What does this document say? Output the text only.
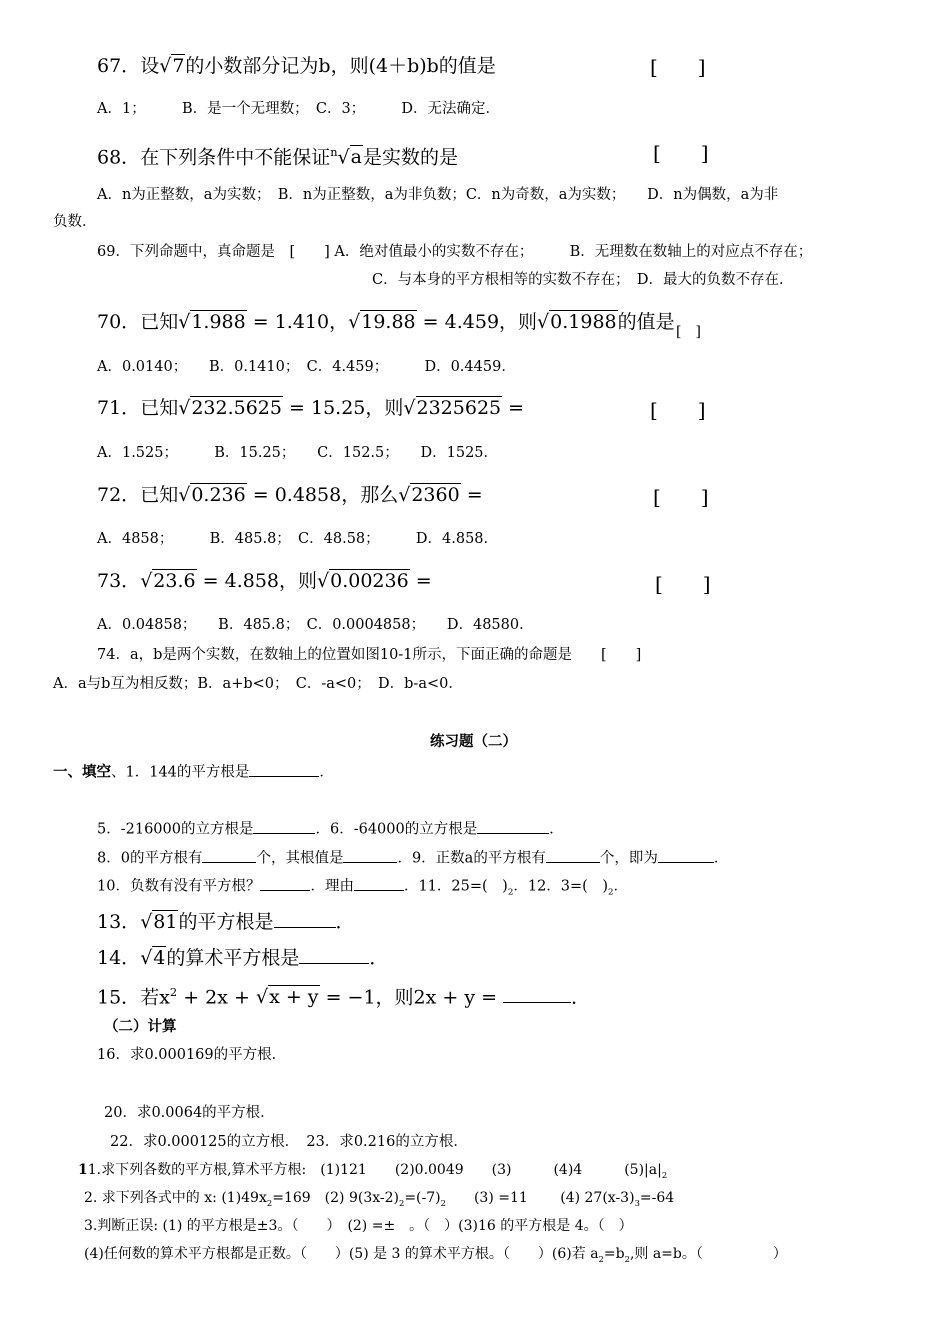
67．设√7的小数部分记为b，则(4＋b)b的值是	[　　]
A．1；　　　B．是一个无理数；　C．3；　　　D．无法确定．
68．在下列条件中不能保证$^n$√a是实数的是	[　　]
A．n为正整数，a为实数；　B．n为正整数，a为非负数；C．n为奇数，a为实数；　　D．n为偶数，a为非
负数．
69．下列命题中，真命题是　[　　] A．绝对值最小的实数不存在；　　　B．无理数在数轴上的对应点不存在；
C．与本身的平方根相等的实数不存在；　D．最大的负数不存在．
70．已知√1.988 = 1.410，√19.88 = 4.459，则√0.1988的值是 [　]
A．0.0140；　　B．0.1410；　C．4.459；　　　D．0.4459．
71．已知√232.5625 = 15.25，则√2325625 =	[　　]
A．1.525；　　　B．15.25；　　C．152.5；　　D．1525．
72．已知√0.236 = 0.4858，那么√2360 =	[　　]
A．4858；　　　B．485.8；　C．48.58；　　　D．4.858．
73．√23.6 = 4.858，则√0.00236 =	[　　]
A．0.04858；　　B．485.8；　C．0.0004858；　　D．48580．
74．a，b是两个实数，在数轴上的位置如图10-1所示，下面正确的命题是　　[　　]
A．a与b互为相反数；B．a+b<0；　C．-a<0；　D．b-a<0．
练习题（二）
一、填空、1．144的平方根是	．
5．-216000的立方根是	．6．-64000的立方根是	．
8．0的平方根有	个，其根值是	．9．正数a的平方根有	个，即为	．
10．负数有没有平方根？	．理由	．11．25=(　)$_2$．12．3=(　)$_2$．
13．√81的平方根是	．
14．√4的算术平方根是	．
15．若$x^2 + 2x + √x + y = -1$，则2x + y =	．
（二）计算
16．求0.000169的平方根．
20．求0.0064的平方根．
22．求0.000125的立方根．　23．求0.216的立方根．
11.求下列各数的平方根,算术平方根:　(1)121　　(2)0.0049　　(3)　　　(4)4　　　$(5)|a|_2$
2. 求下列各式中的 x: $(1)49x_2=169$　(2) $9(3x-2)_2=(-7)_2$　　(3) =11　　 (4) $27(x-3)_3=-64$
3.判断正误: (1) 的平方根是±3。（　　）　(2) =±　。（　）(3)16 的平方根是 4。（　）
(4)任何数的算术平方根都是正数。（　　）(5) 是 3 的算术平方根。（　　）(6)若 $a_2=b_2$,则 a=b。（　　　　　）
